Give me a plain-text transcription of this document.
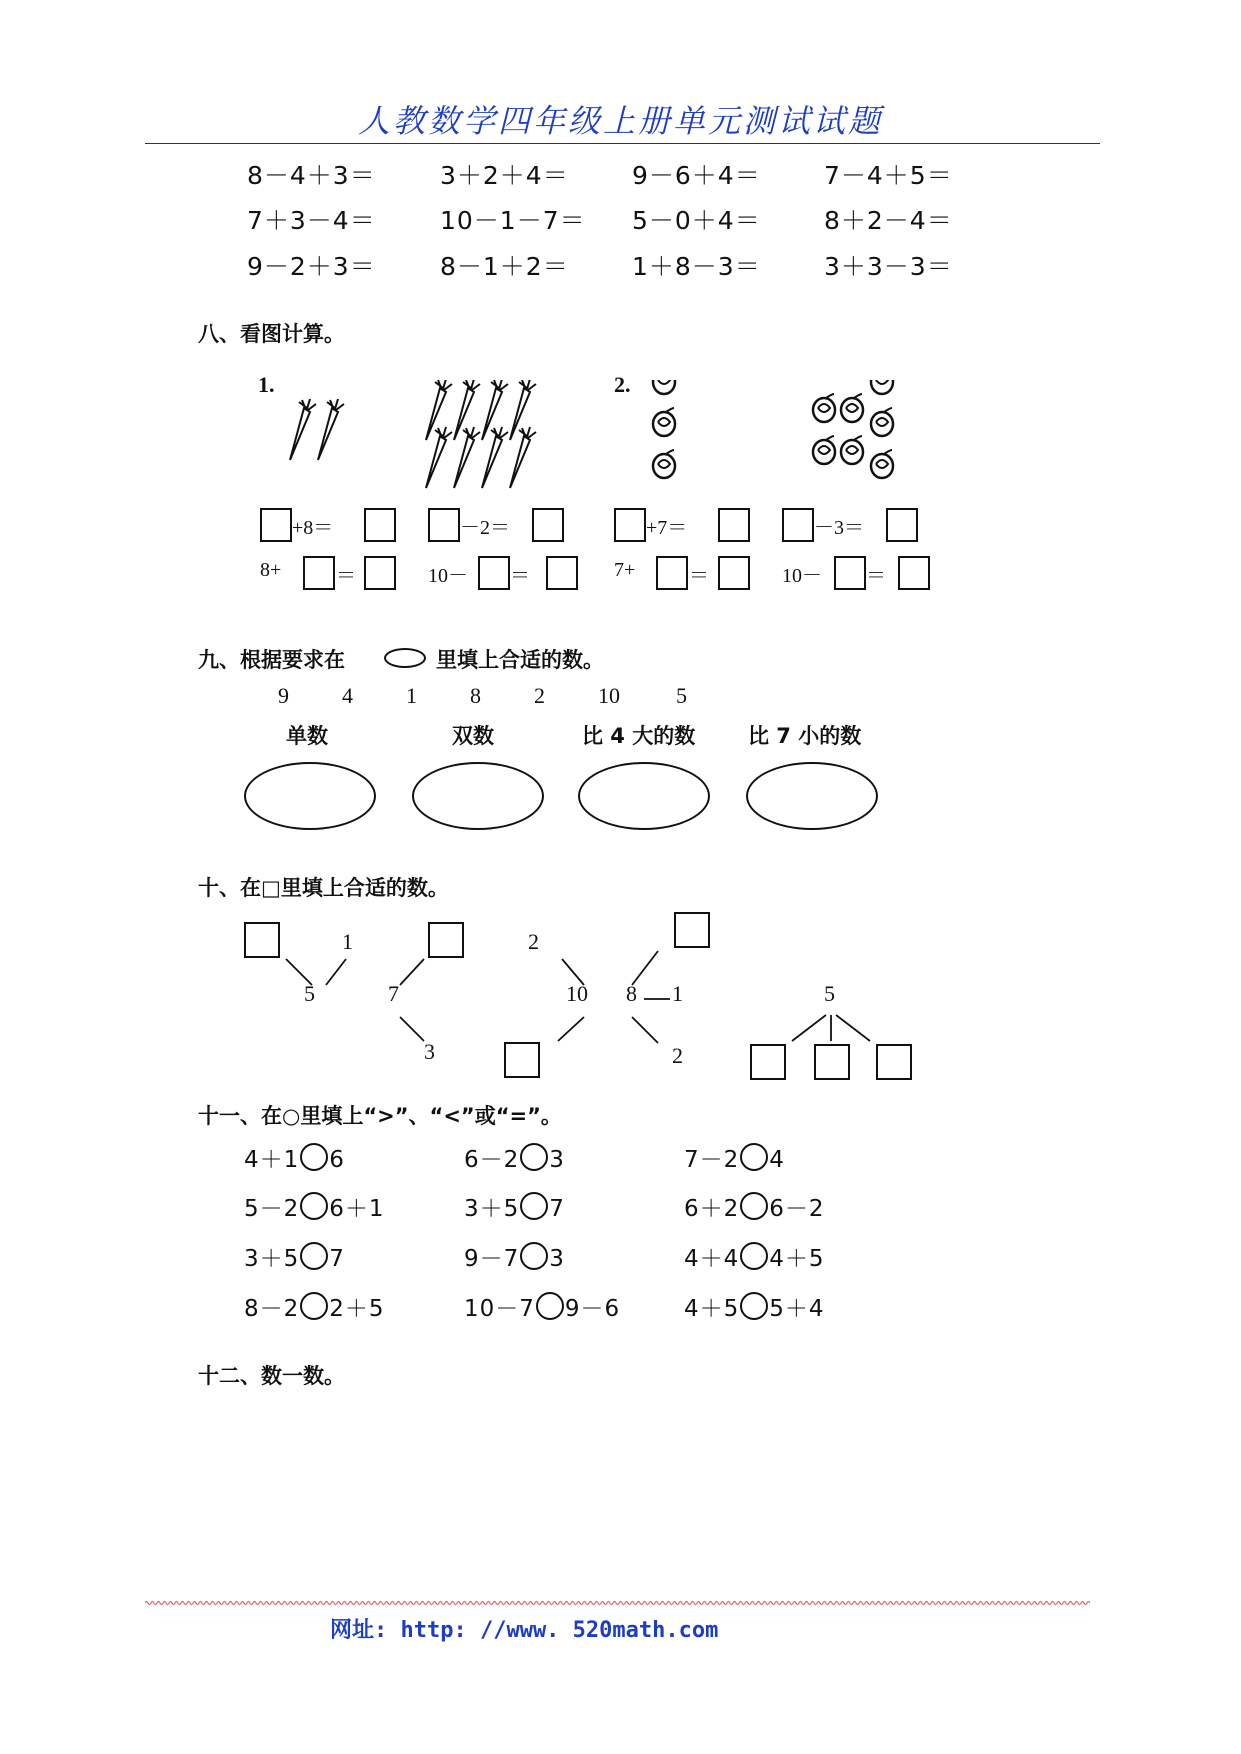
人教数学四年级上册单元测试试题
8－4＋3＝	3＋2＋4＝	9－6＋4＝	7－4＋5＝
7＋3－4＝	10－1－7＝ 5－0＋4＝	8＋2－4＝
9－2＋3＝	8－1＋2＝	1＋8－3＝	3＋3－3＝
八、看图计算。
1.	2.
+8＝	－2＝	+7＝	－3＝
8+	＝	10－ ＝	7+	＝	10－ ＝
九、根据要求在	里填上合适的数。
9 4 1 8 2 10	5
单数	双数	比 4 大的数	比 7 小的数
十、在□里填上合适的数。
1
5	7
3
2
10 8 1
2
5
十一、在○里填上“>”、“<”或“=”。
4＋1 6	6－2 3	7－2 4
5－2 6＋1	3＋5 7	6＋2 6－2
3＋5 7	9－7 3	4＋4 4＋5
8－2 2＋5	10－7 9－6	4＋5 5＋4
十二、数一数。
网址: http: //www. 520math.com
